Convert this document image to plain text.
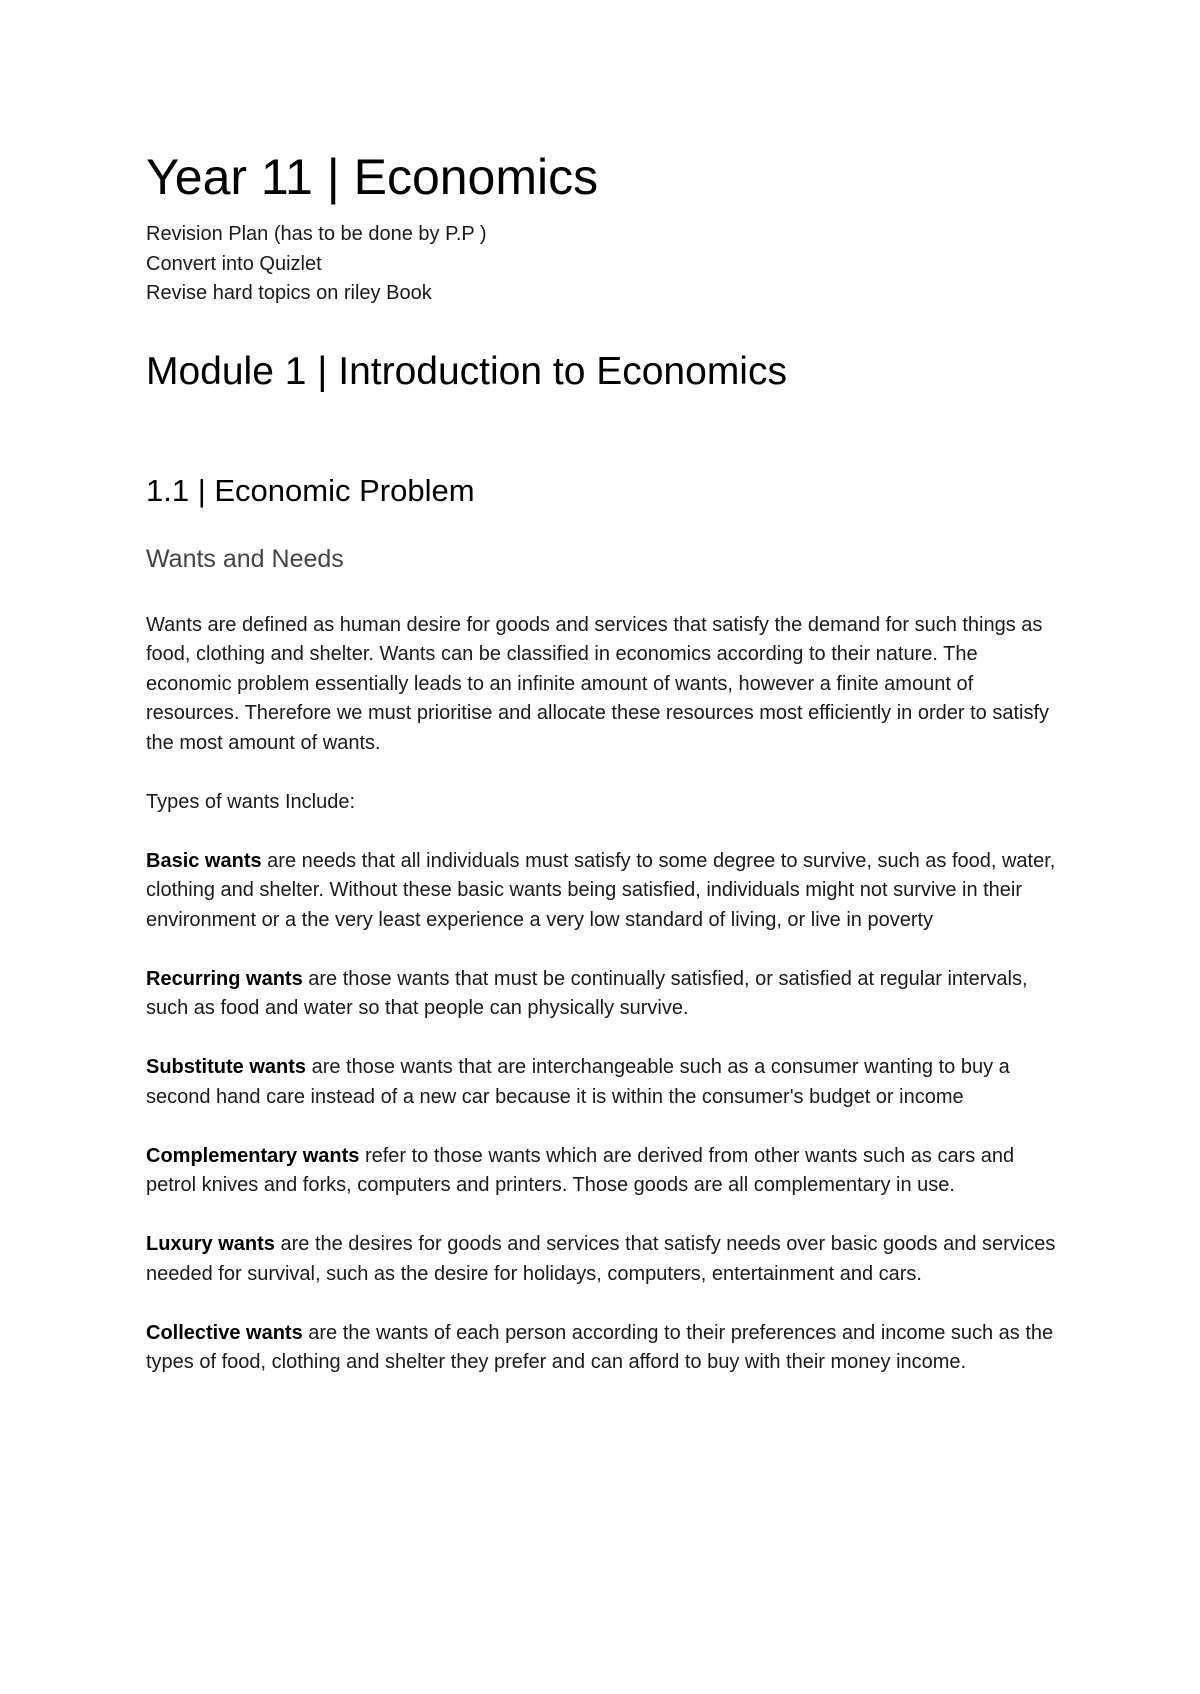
Year 11 | Economics
Revision Plan (has to be done by P.P )
Convert into Quizlet
Revise hard topics on riley Book
Module 1 | Introduction to Economics
1.1 | Economic Problem
Wants and Needs

Wants are defined as human desire for goods and services that satisfy the demand for such things as food, clothing and shelter. Wants can be classified in economics according to their nature. The economic problem essentially leads to an infinite amount of wants, however a finite amount of resources. Therefore we must prioritise and allocate these resources most efficiently in order to satisfy the most amount of wants.

Types of wants Include:

Basic wants are needs that all individuals must satisfy to some degree to survive, such as food, water, clothing and shelter. Without these basic wants being satisfied, individuals might not survive in their environment or a the very least experience a very low standard of living, or live in poverty

Recurring wants are those wants that must be continually satisfied, or satisfied at regular intervals, such as food and water so that people can physically survive.

Substitute wants are those wants that are interchangeable such as a consumer wanting to buy a second hand care instead of a new car because it is within the consumer's budget or income

Complementary wants refer to those wants which are derived from other wants such as cars and petrol knives and forks, computers and printers. Those goods are all complementary in use.

Luxury wants are the desires for goods and services that satisfy needs over basic goods and services needed for survival, such as the desire for holidays, computers, entertainment and cars.

Collective wants are the wants of each person according to their preferences and income such as the types of food, clothing and shelter they prefer and can afford to buy with their money income.
